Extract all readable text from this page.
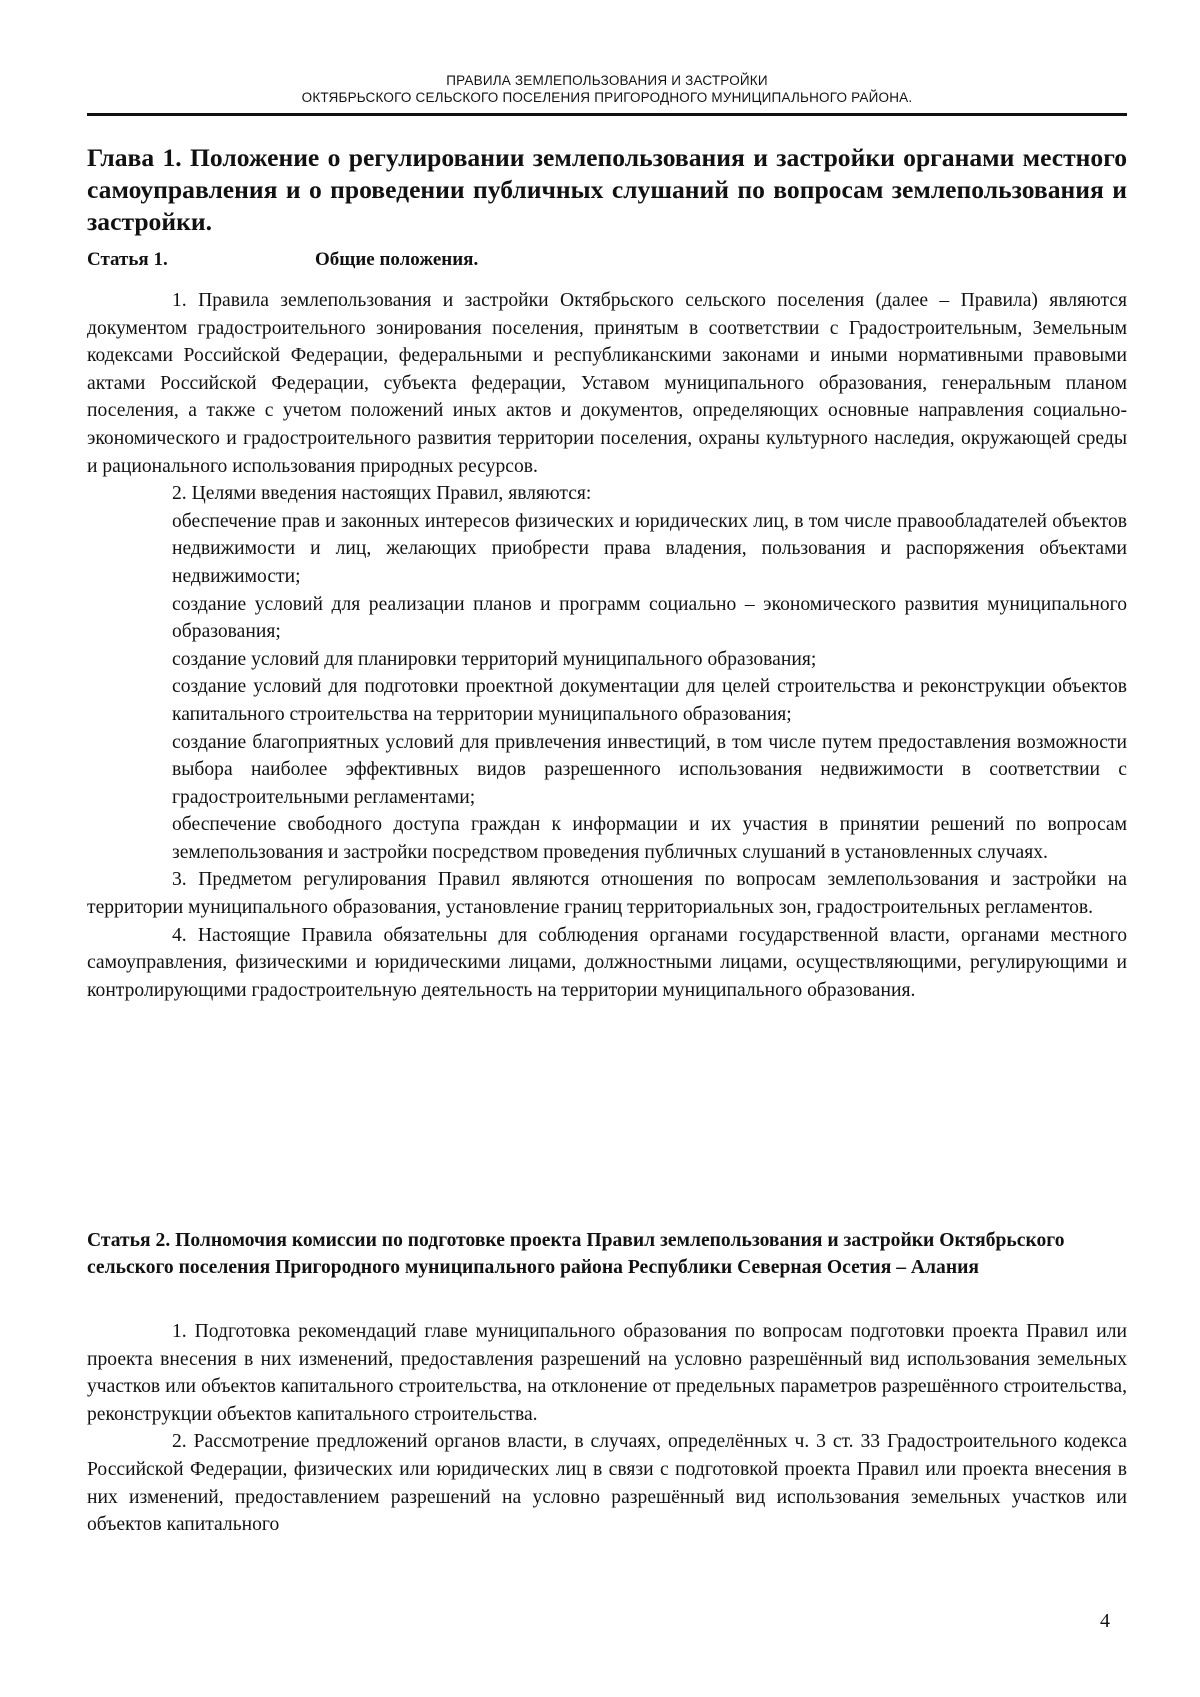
ПРАВИЛА ЗЕМЛЕПОЛЬЗОВАНИЯ И ЗАСТРОЙКИ
ОКТЯБРЬСКОГО СЕЛЬСКОГО ПОСЕЛЕНИЯ ПРИГОРОДНОГО МУНИЦИПАЛЬНОГО РАЙОНА.
Глава 1. Положение о регулировании землепользования и застройки органами местного самоуправления и о проведении публичных слушаний по вопросам землепользования и застройки.
Статья 1.	Общие положения.

1. Правила землепользования и застройки Октябрьского сельского поселения (далее – Правила) являются документом градостроительного зонирования поселения, принятым в соответствии с Градостроительным, Земельным кодексами Российской Федерации, федеральными и республиканскими законами и иными нормативными правовыми актами Российской Федерации, субъекта федерации, Уставом муниципального образования, генеральным планом поселения, а также с учетом положений иных актов и документов, определяющих основные направления социально-экономического и градостроительного развития территории поселения, охраны культурного наследия, окружающей среды и рационального использования природных ресурсов.

2. Целями введения настоящих Правил, являются:

обеспечение прав и законных интересов физических и юридических лиц, в том числе правообладателей объектов недвижимости и лиц, желающих приобрести права владения, пользования и распоряжения объектами недвижимости;

создание условий для реализации планов и программ социально – экономического развития муниципального образования;

создание условий для планировки территорий муниципального образования;

создание условий для подготовки проектной документации для целей строительства и реконструкции объектов капитального строительства на территории муниципального образования;

создание благоприятных условий для привлечения инвестиций, в том числе путем предоставления возможности выбора наиболее эффективных видов разрешенного использования недвижимости в соответствии с градостроительными регламентами;

обеспечение свободного доступа граждан к информации и их участия в принятии решений по вопросам землепользования и застройки посредством проведения публичных слушаний в установленных случаях.

3. Предметом регулирования Правил являются отношения по вопросам землепользования и застройки на территории муниципального образования, установление границ территориальных зон, градостроительных регламентов.

4. Настоящие Правила обязательны для соблюдения органами государственной власти, органами местного самоуправления, физическими и юридическими лицами, должностными лицами, осуществляющими, регулирующими и контролирующими градостроительную деятельность на территории муниципального образования.

Статья 2. Полномочия комиссии по подготовке проекта Правил землепользования и застройки Октябрьского сельского поселения Пригородного муниципального района Республики Северная Осетия – Алания

1. Подготовка рекомендаций главе муниципального образования по вопросам подготовки проекта Правил или проекта внесения в них изменений, предоставления разрешений на условно разрешённый вид использования земельных участков или объектов капитального строительства, на отклонение от предельных параметров разрешённого строительства, реконструкции объектов капитального строительства.

2. Рассмотрение предложений органов власти, в случаях, определённых ч. 3 ст. 33 Градостроительного кодекса Российской Федерации, физических или юридических лиц в связи с подготовкой проекта Правил или проекта внесения в них изменений, предоставлением разрешений на условно разрешённый вид использования земельных участков или объектов капитального

4
